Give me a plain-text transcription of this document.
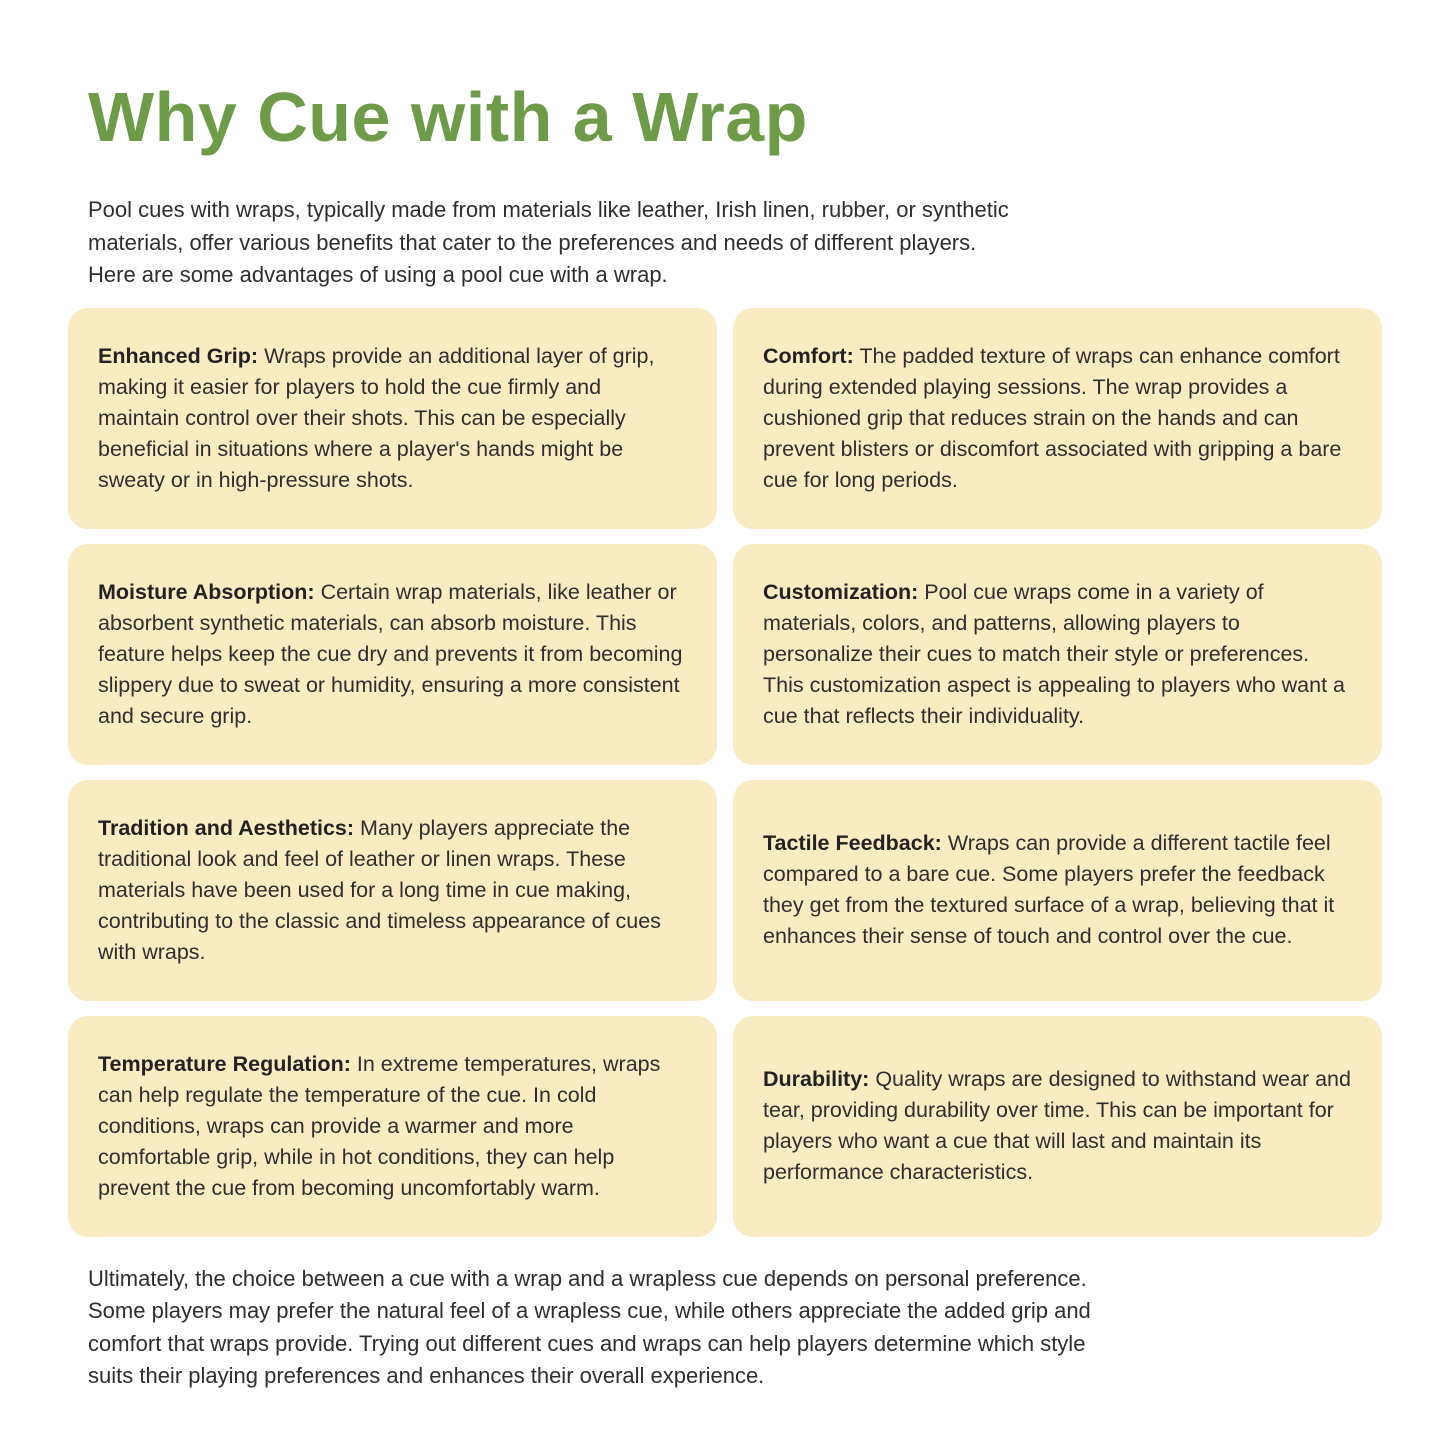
Why Cue with a Wrap

Pool cues with wraps, typically made from materials like leather, Irish linen, rubber, or synthetic
materials, offer various benefits that cater to the preferences and needs of different players.
Here are some advantages of using a pool cue with a wrap.

Enhanced Grip: Wraps provide an additional layer of grip, making it easier for players to hold the cue firmly and maintain control over their shots. This can be especially beneficial in situations where a player's hands might be sweaty or in high-pressure shots.

Comfort: The padded texture of wraps can enhance comfort during extended playing sessions. The wrap provides a cushioned grip that reduces strain on the hands and can prevent blisters or discomfort associated with gripping a bare cue for long periods.

Moisture Absorption: Certain wrap materials, like leather or absorbent synthetic materials, can absorb moisture. This feature helps keep the cue dry and prevents it from becoming slippery due to sweat or humidity, ensuring a more consistent and secure grip.

Customization: Pool cue wraps come in a variety of materials, colors, and patterns, allowing players to personalize their cues to match their style or preferences. This customization aspect is appealing to players who want a cue that reflects their individuality.

Tradition and Aesthetics: Many players appreciate the traditional look and feel of leather or linen wraps. These materials have been used for a long time in cue making, contributing to the classic and timeless appearance of cues with wraps.

Tactile Feedback: Wraps can provide a different tactile feel compared to a bare cue. Some players prefer the feedback they get from the textured surface of a wrap, believing that it enhances their sense of touch and control over the cue.

Temperature Regulation: In extreme temperatures, wraps can help regulate the temperature of the cue. In cold conditions, wraps can provide a warmer and more comfortable grip, while in hot conditions, they can help prevent the cue from becoming uncomfortably warm.

Durability: Quality wraps are designed to withstand wear and tear, providing durability over time. This can be important for players who want a cue that will last and maintain its performance characteristics.

Ultimately, the choice between a cue with a wrap and a wrapless cue depends on personal preference.
Some players may prefer the natural feel of a wrapless cue, while others appreciate the added grip and
comfort that wraps provide. Trying out different cues and wraps can help players determine which style
suits their playing preferences and enhances their overall experience.
